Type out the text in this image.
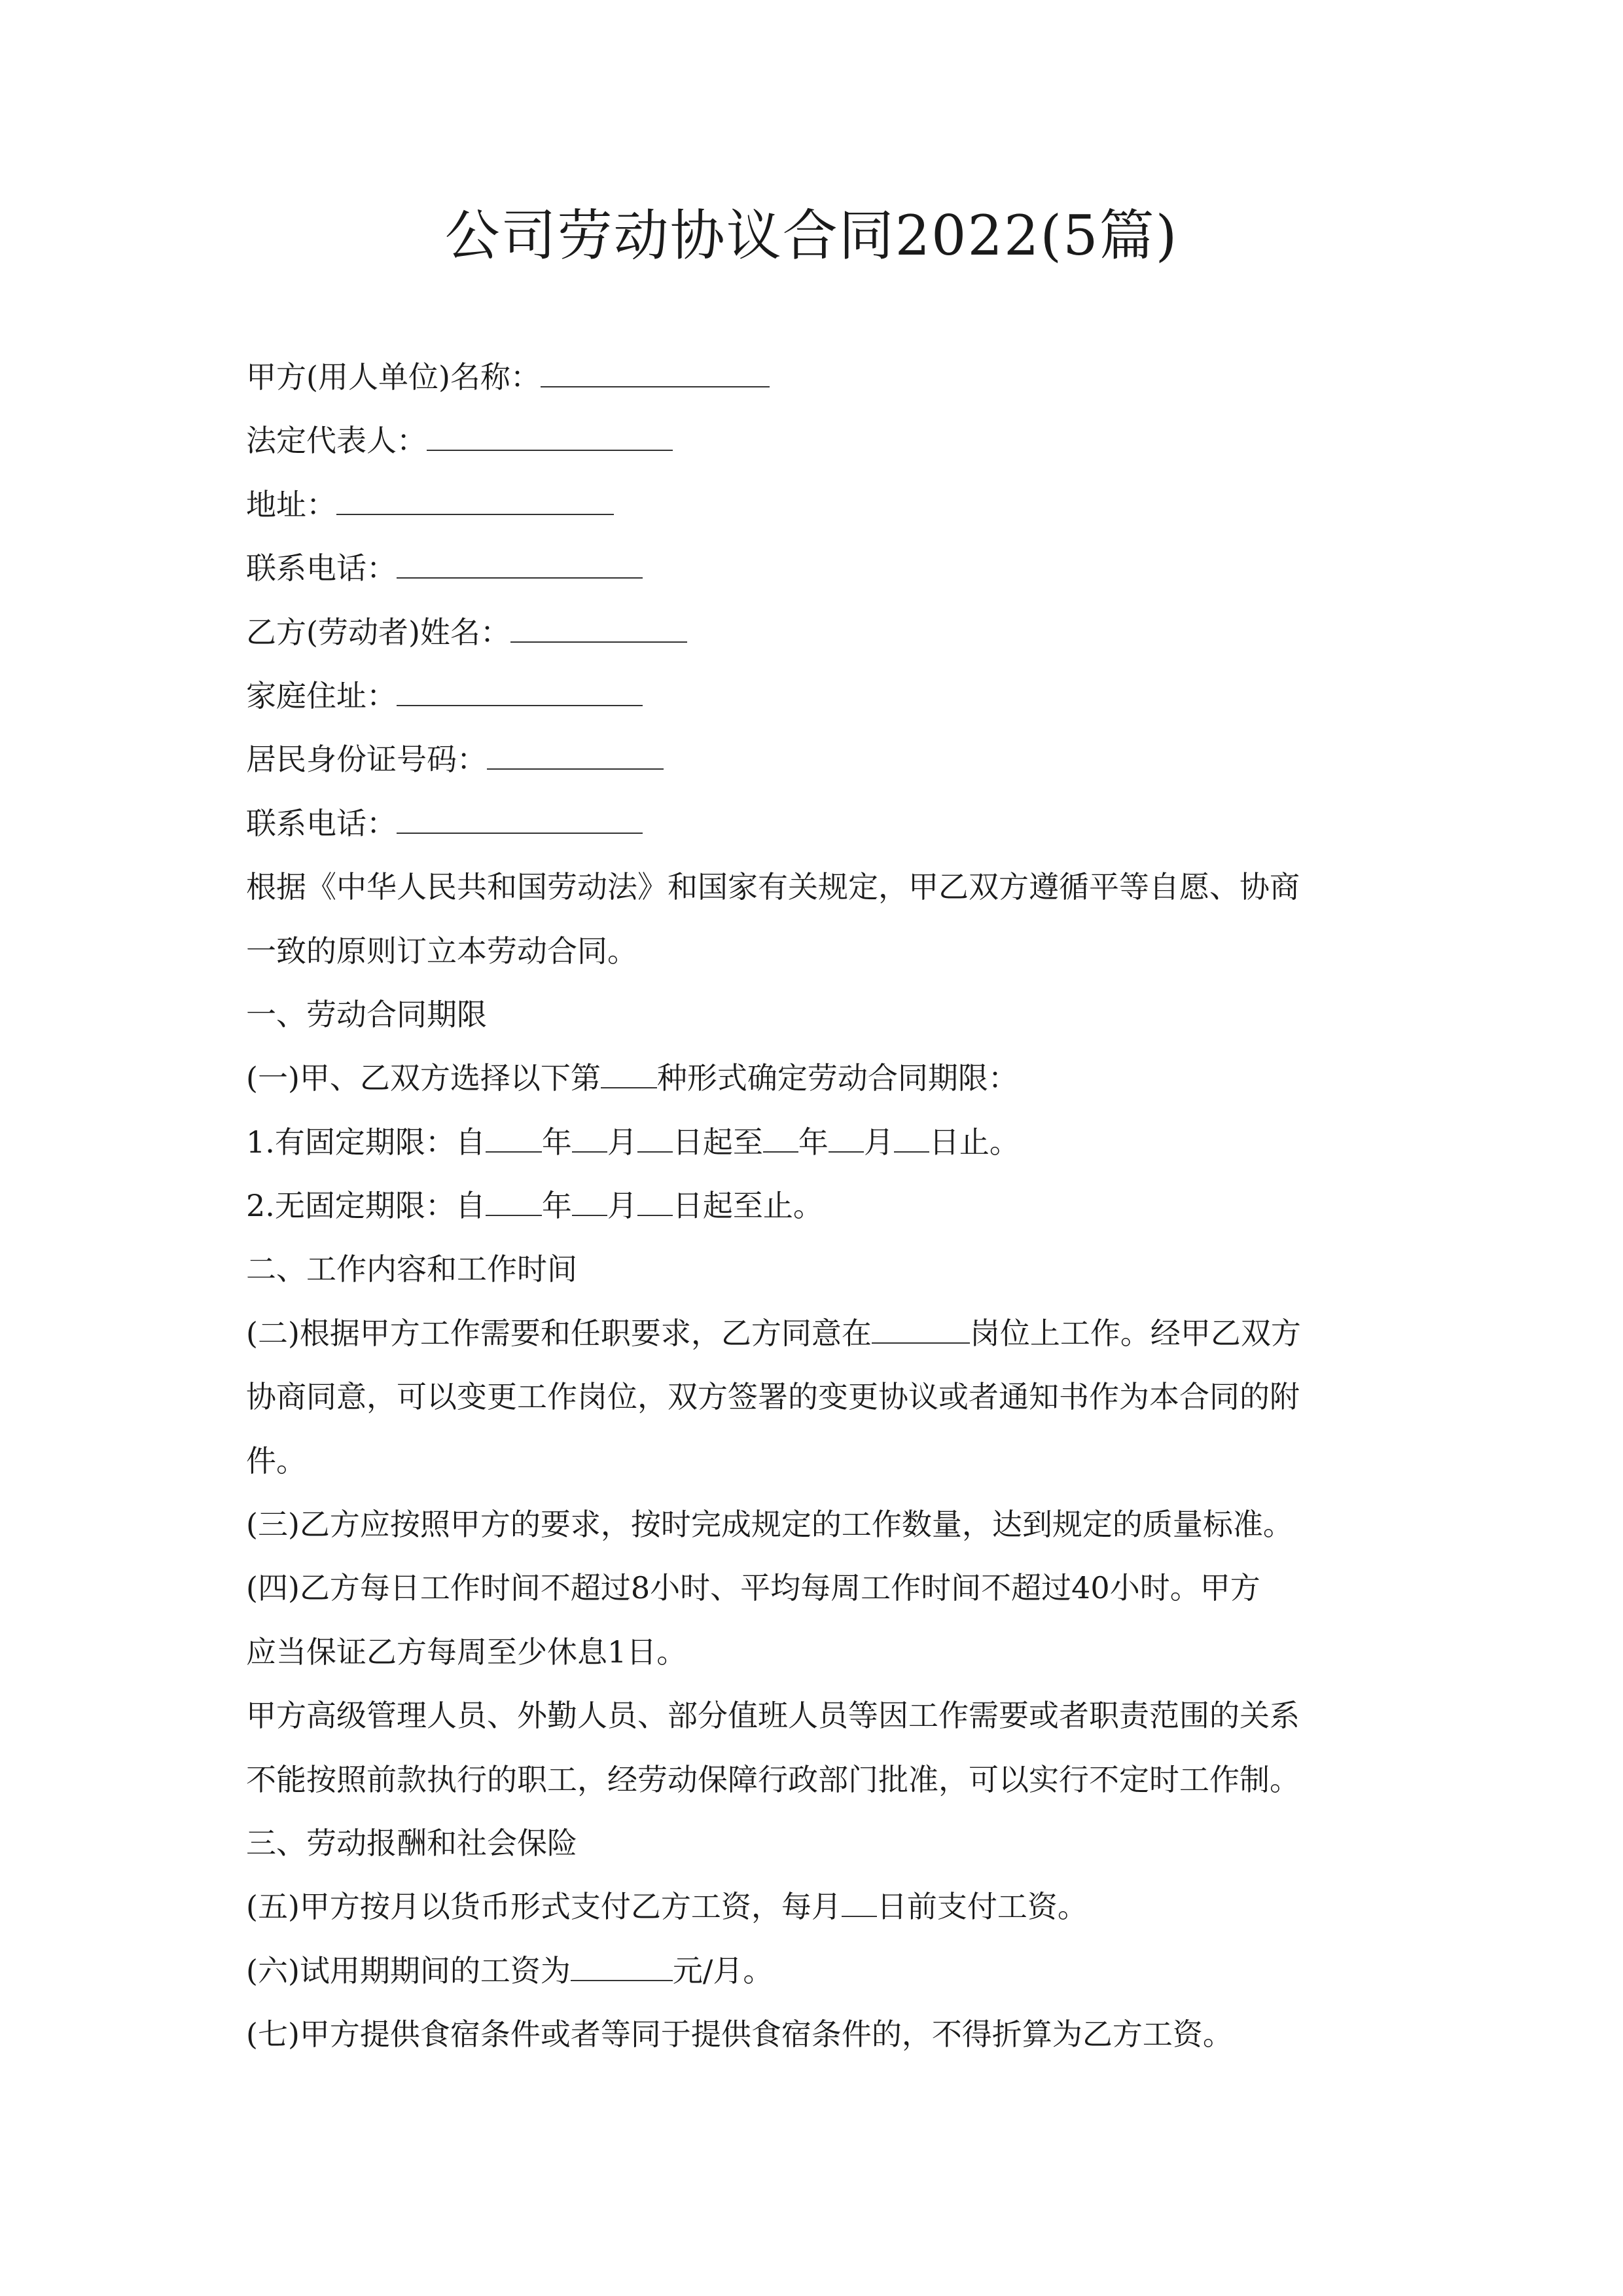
公司劳动协议合同2022(5篇)
甲方(用人单位)名称：
法定代表人：
地址：
联系电话：
乙方(劳动者)姓名：
家庭住址：
居民身份证号码：
联系电话：
根据《中华人民共和国劳动法》和国家有关规定，甲乙双方遵循平等自愿、协商
一致的原则订立本劳动合同。
一、劳动合同期限
(一)甲、乙双方选择以下第 种形式确定劳动合同期限：
1.有固定期限：自 年 月 日起至 年 月 日止。
2.无固定期限：自 年 月 日起至止。
二、工作内容和工作时间
(二)根据甲方工作需要和任职要求，乙方同意在	岗位上工作。经甲乙双方
协商同意，可以变更工作岗位，双方签署的变更协议或者通知书作为本合同的附
件。
(三)乙方应按照甲方的要求，按时完成规定的工作数量，达到规定的质量标准。
(四)乙方每日工作时间不超过8小时、平均每周工作时间不超过40小时。甲方
应当保证乙方每周至少休息1日。
甲方高级管理人员、外勤人员、部分值班人员等因工作需要或者职责范围的关系
不能按照前款执行的职工，经劳动保障行政部门批准，可以实行不定时工作制。
三、劳动报酬和社会保险
(五)甲方按月以货币形式支付乙方工资，每月 日前支付工资。
(六)试用期期间的工资为	元/月。
(七)甲方提供食宿条件或者等同于提供食宿条件的，不得折算为乙方工资。
